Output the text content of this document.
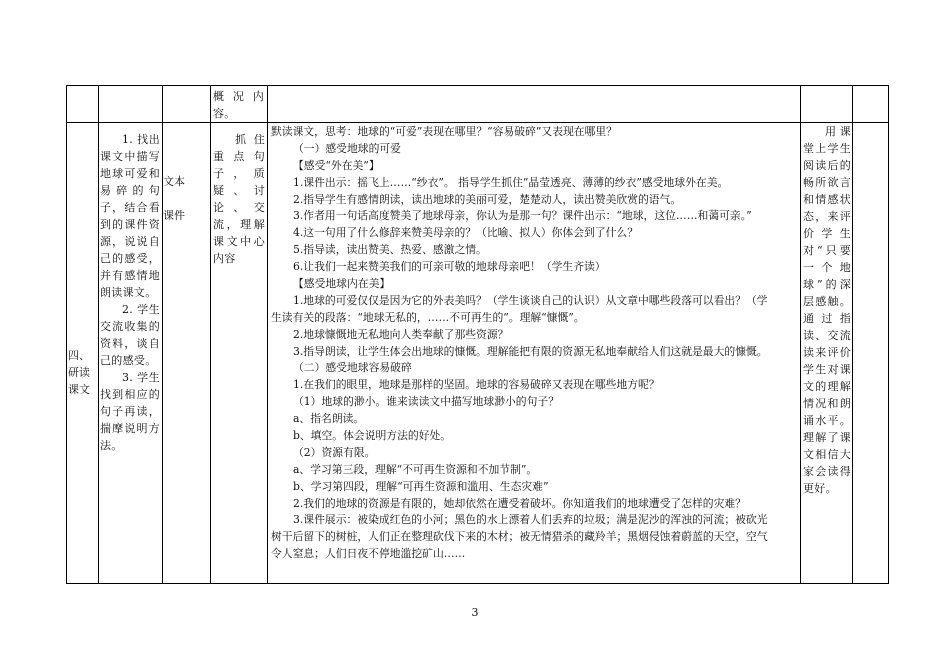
概况内容。
四、研读课文
1. 找出课文中描写地球可爱和易碎的句子，结合看到的课件资源，说说自己的感受，并有感情地朗读课文。
2. 学生交流收集的资料，谈自己的感受。
3. 学生找到相应的句子再读，揣摩说明方法。
文本课件
抓住重点句子，质疑、讨论、交流，理解课文中心内容
默读课文，思考：地球的“可爱”表现在哪里？“容易破碎”又表现在哪里？
（一）感受地球的可爱
【感受“外在美”】
1.课件出示：摇飞上……“纱衣”。 指导学生抓住“晶莹透亮、薄薄的纱衣”感受地球外在美。
2.指导学生有感情朗读，读出地球的美丽可爱，楚楚动人，读出赞美欣赏的语气。
3.作者用一句话高度赞美了地球母亲，你认为是那一句？课件出示：“地球，这位……和蔼可亲。”
4.这一句用了什么修辞来赞美母亲的？（比喻、拟人）你体会到了什么？
5.指导读，读出赞美、热爱、感激之情。
6.让我们一起来赞美我们的可亲可敬的地球母亲吧！（学生齐读）
【感受地球内在美】
1.地球的可爱仅仅是因为它的外表美吗？（学生谈谈自己的认识）从文章中哪些段落可以看出？（学
生读有关的段落：“地球无私的，……不可再生的”。理解“慷慨”。
2.地球慷慨地无私地向人类奉献了那些资源？
3.指导朗读，让学生体会出地球的慷慨。理解能把有限的资源无私地奉献给人们这就是最大的慷慨。
（二）感受地球容易破碎
1.在我们的眼里，地球是那样的坚固。地球的容易破碎又表现在哪些地方呢？
（1）地球的渺小。谁来读读文中描写地球渺小的句子？
a、指名朗读。
b、填空。体会说明方法的好处。
（2）资源有限。
a、学习第三段，理解“不可再生资源和不加节制”。
b、学习第四段，理解“可再生资源和滥用、生态灾难”
2.我们的地球的资源是有限的，她却依然在遭受着破坏。你知道我们的地球遭受了怎样的灾难？
3.课件展示：被染成红色的小河；黑色的水上漂着人们丢弃的垃圾；满是泥沙的浑浊的河流；被砍光
树干后留下的树桩，人们正在整理砍伐下来的木材；被无情猎杀的藏羚羊；黑烟侵蚀着蔚蓝的天空，空气
令人窒息；人们日夜不停地滥挖矿山……
用课堂上学生阅读后的畅所欲言和情感状态，来评价学生对“只要一个地球”的深层感触。通过指读、交流读来评价学生对课文的理解情况和朗诵水平。理解了课文相信大家会读得更好。
3
